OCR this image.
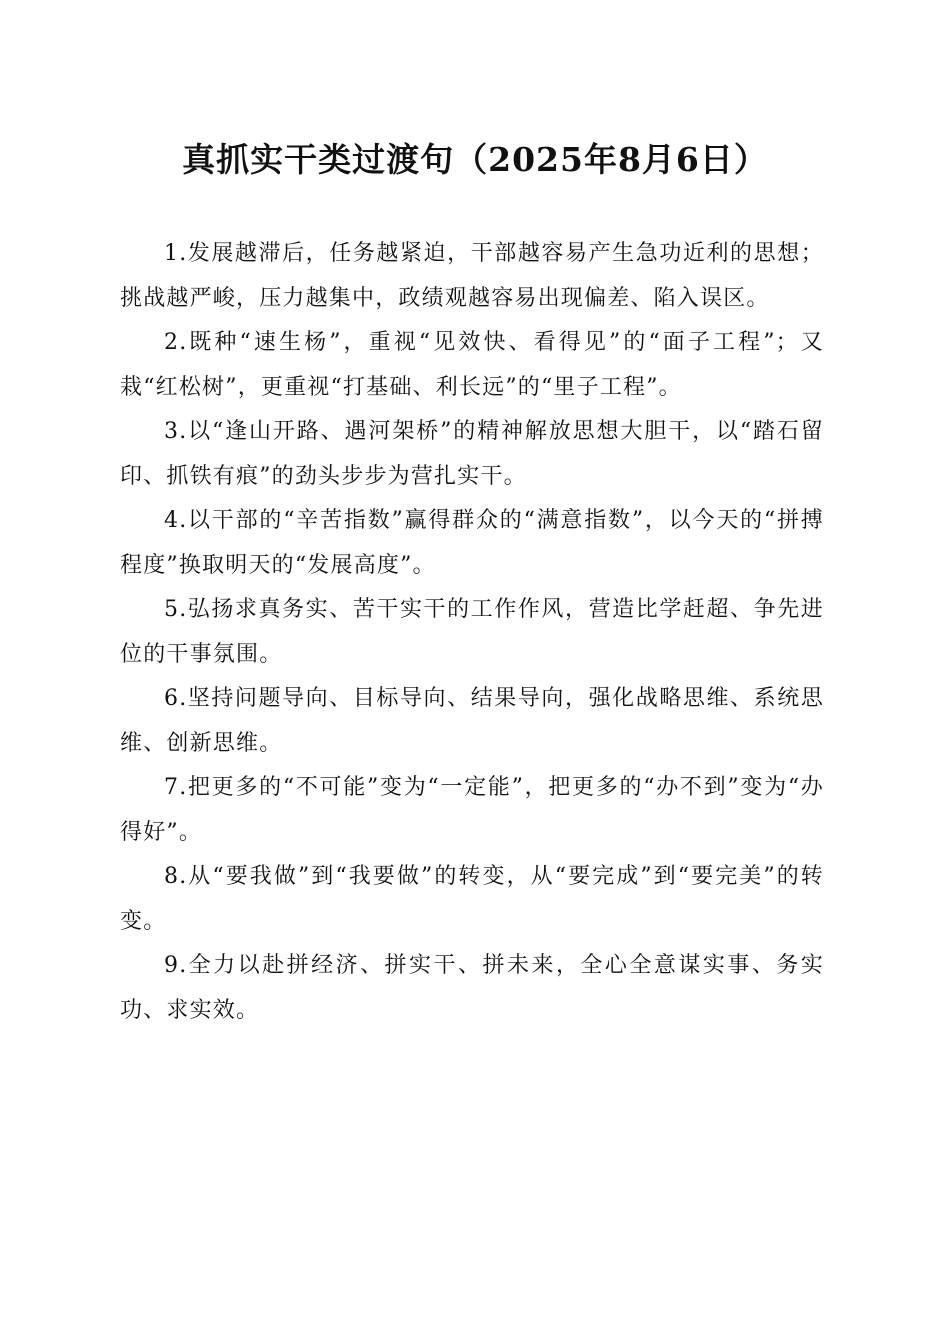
真抓实干类过渡句（2025年8月6日）

1.发展越滞后，任务越紧迫，干部越容易产生急功近利的思想；挑战越严峻，压力越集中，政绩观越容易出现偏差、陷入误区。

2.既种“速生杨”，重视“见效快、看得见”的“面子工程”；又栽“红松树”，更重视“打基础、利长远”的“里子工程”。

3.以“逢山开路、遇河架桥”的精神解放思想大胆干，以“踏石留印、抓铁有痕”的劲头步步为营扎实干。

4.以干部的“辛苦指数”赢得群众的“满意指数”，以今天的“拼搏程度”换取明天的“发展高度”。

5.弘扬求真务实、苦干实干的工作作风，营造比学赶超、争先进位的干事氛围。

6.坚持问题导向、目标导向、结果导向，强化战略思维、系统思维、创新思维。

7.把更多的“不可能”变为“一定能”，把更多的“办不到”变为“办得好”。

8.从“要我做”到“我要做”的转变，从“要完成”到“要完美”的转变。

9.全力以赴拼经济、拼实干、拼未来，全心全意谋实事、务实功、求实效。
